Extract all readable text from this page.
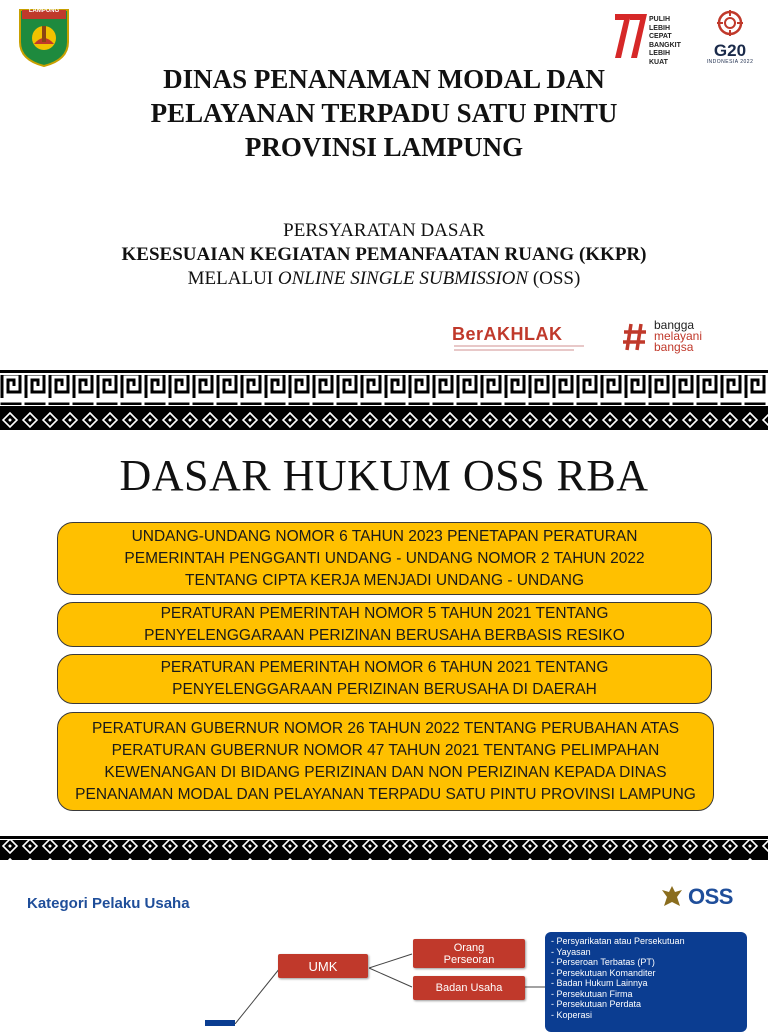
LAMPUNG
PULIH
LEBIH CEPAT
BANGKIT
LEBIH KUAT
G20
INDONESIA 2022
DINAS PENANAMAN MODAL DAN
PELAYANAN TERPADU SATU PINTU
PROVINSI LAMPUNG
PERSYARATAN DASAR
KESESUAIAN KEGIATAN PEMANFAATAN RUANG (KKPR)
MELALUI ONLINE SINGLE SUBMISSION (OSS)
BerAKHLAK	bangga
melayani
bangsa
DASAR HUKUM OSS RBA
UNDANG-UNDANG NOMOR 6 TAHUN 2023 PENETAPAN PERATURAN
PEMERINTAH PENGGANTI UNDANG - UNDANG NOMOR 2 TAHUN 2022
TENTANG CIPTA KERJA MENJADI UNDANG - UNDANG
PERATURAN PEMERINTAH NOMOR 5 TAHUN 2021 TENTANG
PENYELENGGARAAN PERIZINAN BERUSAHA BERBASIS RESIKO
PERATURAN PEMERINTAH NOMOR 6 TAHUN 2021 TENTANG
PENYELENGGARAAN PERIZINAN BERUSAHA DI DAERAH
PERATURAN GUBERNUR NOMOR 26 TAHUN 2022 TENTANG PERUBAHAN ATAS
PERATURAN GUBERNUR NOMOR 47 TAHUN 2021 TENTANG PELIMPAHAN
KEWENANGAN DI BIDANG PERIZINAN DAN NON PERIZINAN KEPADA DINAS
PENANAMAN MODAL DAN PELAYANAN TERPADU SATU PINTU PROVINSI LAMPUNG
Kategori Pelaku Usaha	OSS
UMK
Orang Perseoran
Badan Usaha
- Persyarikatan atau Persekutuan
- Yayasan
- Perseroan Terbatas (PT)
- Persekutuan Komanditer
- Badan Hukum Lainnya
- Persekutuan Firma
- Persekutuan Perdata
- Koperasi
